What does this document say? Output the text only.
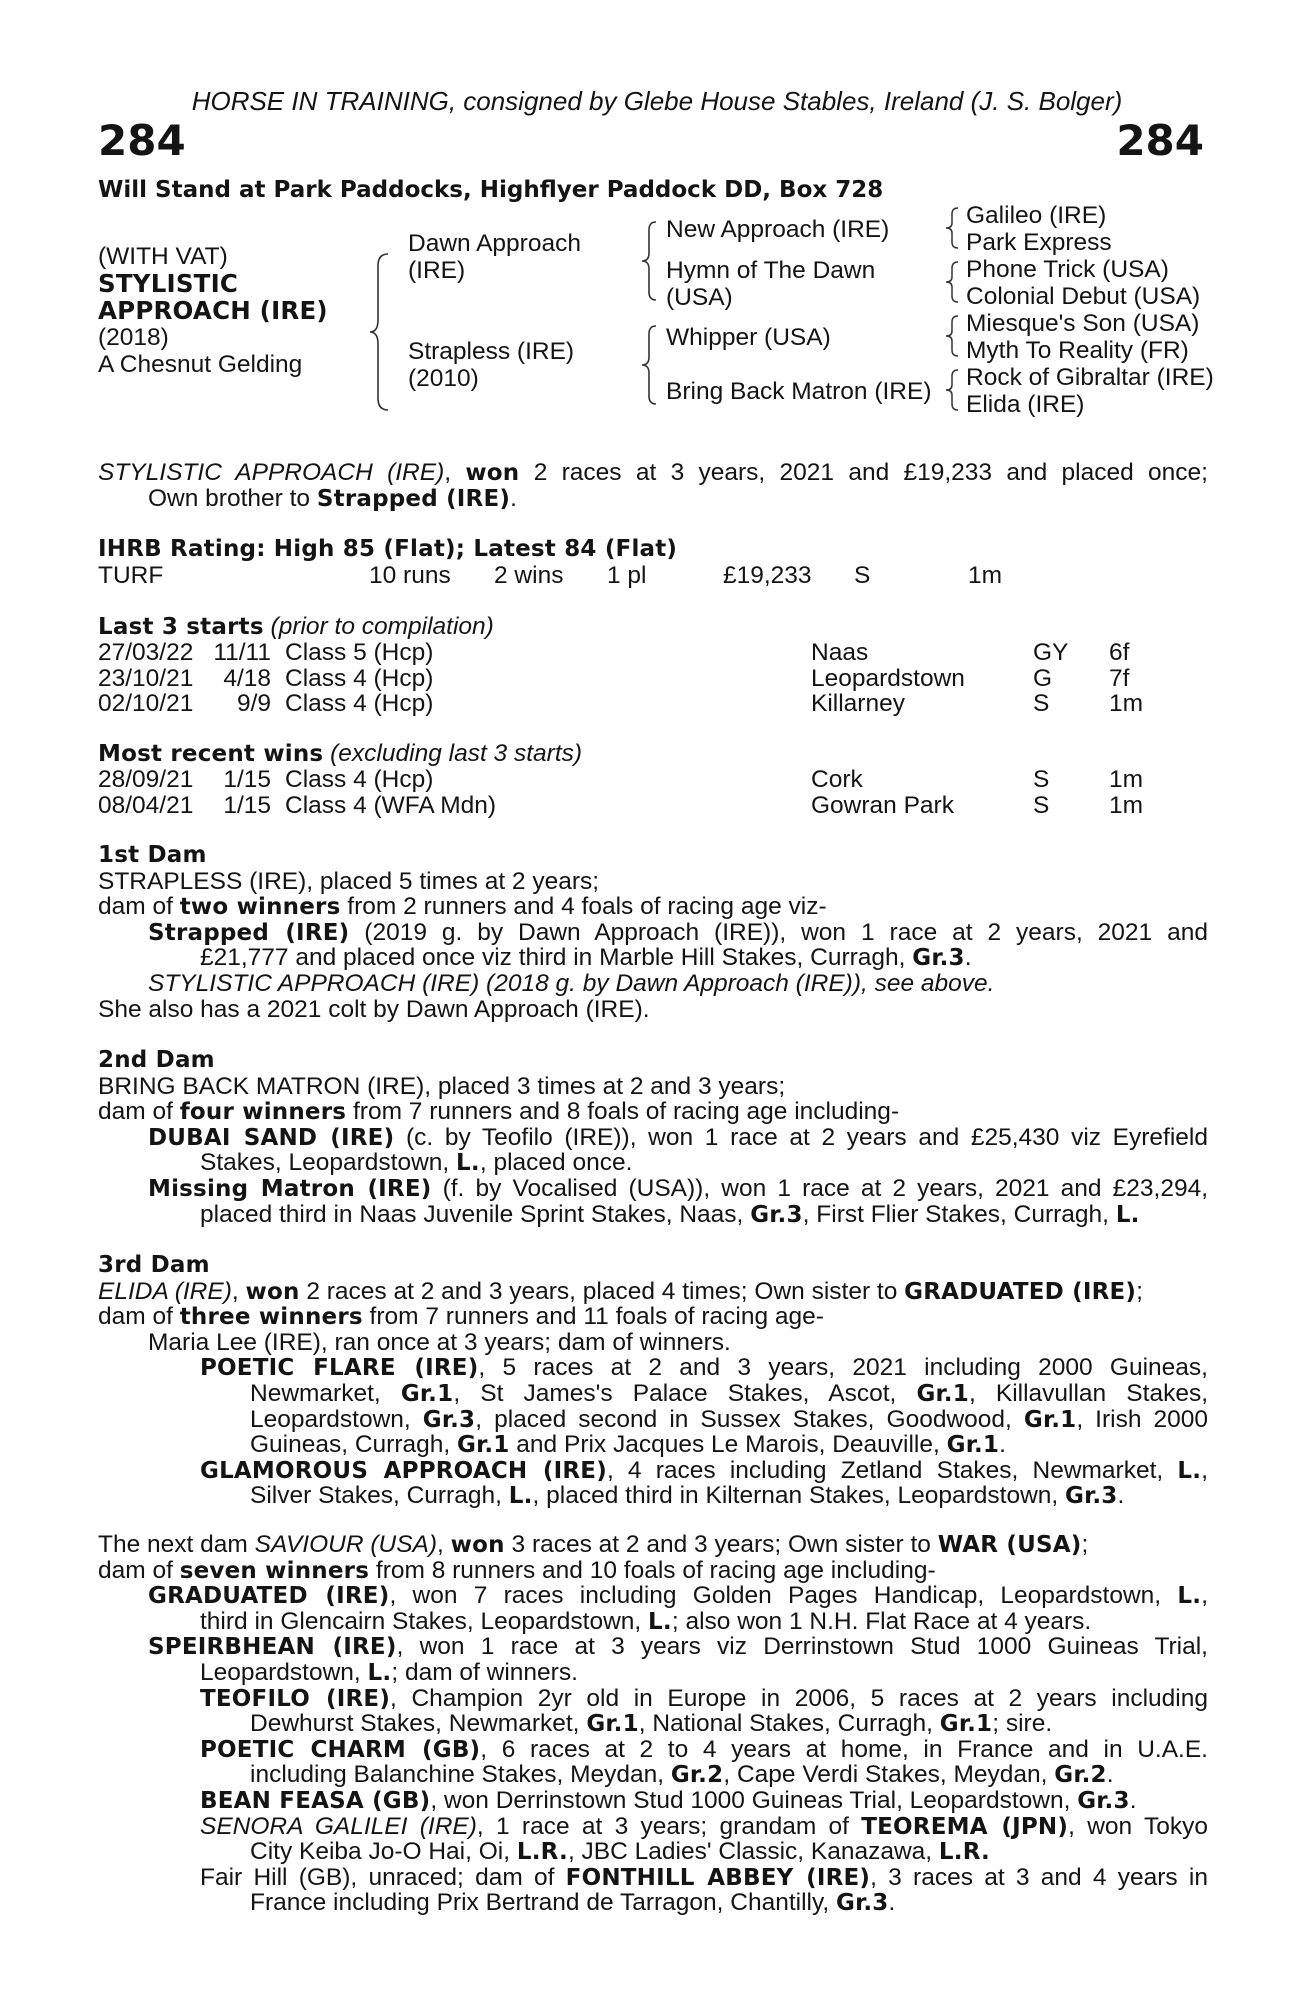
HORSE IN TRAINING, consigned by Glebe House Stables, Ireland (J. S. Bolger)
284	284
Will Stand at Park Paddocks, Highflyer Paddock DD, Box 728
(WITH VAT)
STYLISTIC
APPROACH (IRE)
(2018)
A Chesnut Gelding
Dawn Approach
(IRE)
Strapless (IRE)
(2010)
New Approach (IRE)
Hymn of The Dawn
(USA)
Whipper (USA)
Bring Back Matron (IRE)
Galileo (IRE)
Park Express
Phone Trick (USA)
Colonial Debut (USA)
Miesque's Son (USA)
Myth To Reality (FR)
Rock of Gibraltar (IRE)
Elida (IRE)
STYLISTIC APPROACH (IRE), won 2 races at 3 years, 2021 and £19,233 and placed once;
Own brother to Strapped (IRE).
IHRB Rating: High 85 (Flat); Latest 84 (Flat)
TURF	10 runs	2 wins	1 pl	£19,233	S	1m
Last 3 starts (prior to compilation)
27/03/22	11/11	Class 5 (Hcp)	Naas	GY	6f
23/10/21	4/18	Class 4 (Hcp)	Leopardstown	G	7f
02/10/21	9/9	Class 4 (Hcp)	Killarney	S	1m
Most recent wins (excluding last 3 starts)
28/09/21	1/15	Class 4 (Hcp)	Cork	S	1m
08/04/21	1/15	Class 4 (WFA Mdn)	Gowran Park	S	1m
1st Dam
STRAPLESS (IRE), placed 5 times at 2 years;
dam of two winners from 2 runners and 4 foals of racing age viz-
Strapped (IRE) (2019 g. by Dawn Approach (IRE)), won 1 race at 2 years, 2021 and
£21,777 and placed once viz third in Marble Hill Stakes, Curragh, Gr.3.
STYLISTIC APPROACH (IRE) (2018 g. by Dawn Approach (IRE)), see above.
She also has a 2021 colt by Dawn Approach (IRE).
2nd Dam
BRING BACK MATRON (IRE), placed 3 times at 2 and 3 years;
dam of four winners from 7 runners and 8 foals of racing age including-
DUBAI SAND (IRE) (c. by Teofilo (IRE)), won 1 race at 2 years and £25,430 viz Eyrefield
Stakes, Leopardstown, L., placed once.
Missing Matron (IRE) (f. by Vocalised (USA)), won 1 race at 2 years, 2021 and £23,294,
placed third in Naas Juvenile Sprint Stakes, Naas, Gr.3, First Flier Stakes, Curragh, L.
3rd Dam
ELIDA (IRE), won 2 races at 2 and 3 years, placed 4 times; Own sister to GRADUATED (IRE);
dam of three winners from 7 runners and 11 foals of racing age-
Maria Lee (IRE), ran once at 3 years; dam of winners.
POETIC FLARE (IRE), 5 races at 2 and 3 years, 2021 including 2000 Guineas,
Newmarket, Gr.1, St James's Palace Stakes, Ascot, Gr.1, Killavullan Stakes,
Leopardstown, Gr.3, placed second in Sussex Stakes, Goodwood, Gr.1, Irish 2000
Guineas, Curragh, Gr.1 and Prix Jacques Le Marois, Deauville, Gr.1.
GLAMOROUS APPROACH (IRE), 4 races including Zetland Stakes, Newmarket, L.,
Silver Stakes, Curragh, L., placed third in Kilternan Stakes, Leopardstown, Gr.3.
The next dam SAVIOUR (USA), won 3 races at 2 and 3 years; Own sister to WAR (USA);
dam of seven winners from 8 runners and 10 foals of racing age including-
GRADUATED (IRE), won 7 races including Golden Pages Handicap, Leopardstown, L.,
third in Glencairn Stakes, Leopardstown, L.; also won 1 N.H. Flat Race at 4 years.
SPEIRBHEAN (IRE), won 1 race at 3 years viz Derrinstown Stud 1000 Guineas Trial,
Leopardstown, L.; dam of winners.
TEOFILO (IRE), Champion 2yr old in Europe in 2006, 5 races at 2 years including
Dewhurst Stakes, Newmarket, Gr.1, National Stakes, Curragh, Gr.1; sire.
POETIC CHARM (GB), 6 races at 2 to 4 years at home, in France and in U.A.E.
including Balanchine Stakes, Meydan, Gr.2, Cape Verdi Stakes, Meydan, Gr.2.
BEAN FEASA (GB), won Derrinstown Stud 1000 Guineas Trial, Leopardstown, Gr.3.
SENORA GALILEI (IRE), 1 race at 3 years; grandam of TEOREMA (JPN), won Tokyo
City Keiba Jo-O Hai, Oi, L.R., JBC Ladies' Classic, Kanazawa, L.R.
Fair Hill (GB), unraced; dam of FONTHILL ABBEY (IRE), 3 races at 3 and 4 years in
France including Prix Bertrand de Tarragon, Chantilly, Gr.3.
